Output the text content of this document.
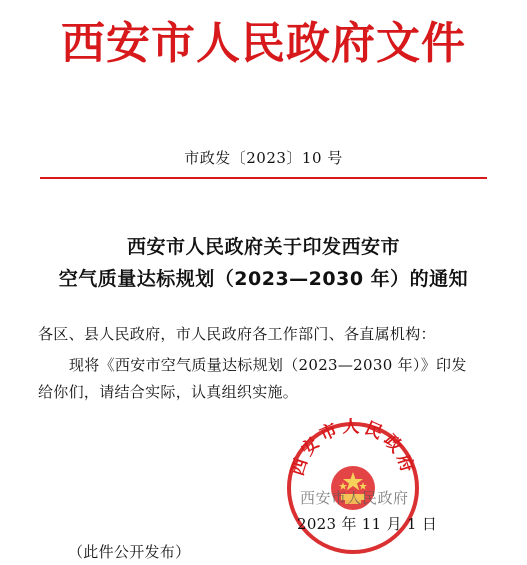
西安市人民政府文件
市政发〔2023〕10 号
西安市人民政府关于印发西安市
空气质量达标规划（2023—2030 年）的通知
各区、县人民政府，市人民政府各工作部门、各直属机构：
现将《西安市空气质量达标规划（2023—2030 年）》印发
给你们，请结合实际，认真组织实施。
西安市人民政府
西安市人民政府
2023 年 11 月 1 日
（此件公开发布）
